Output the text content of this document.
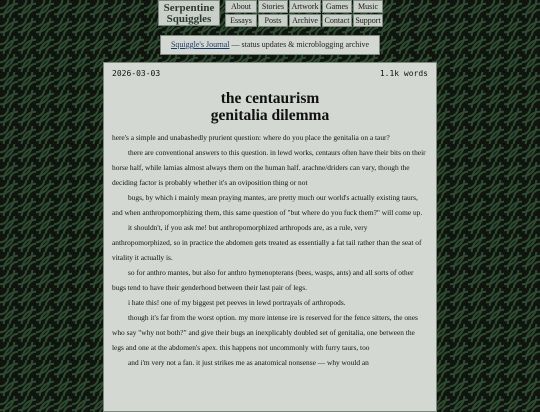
Serpentine
Squiggles
About	Stories Artwork Games	Music
Essays	Posts	Archive Contact Support
Squiggle's Journal — status updates & microblogging archive
2026-03-03	1.1k words
the centaurism
genitalia dilemma

here's a simple and unabashedly prurient question: where do you place the genitalia on a taur?

there are conventional answers to this question. in lewd works, centaurs often have their bits on their horse half, while lamias almost always them on the human half. arachne/driders can vary, though the deciding factor is probably whether it's an oviposition thing or not

bugs, by which i mainly mean praying mantes, are pretty much our world's actually existing taurs, and when anthropomorphizing them, this same question of "but where do you fuck them?" will come up.

it shouldn't, if you ask me! but anthropomorphized arthropods are, as a rule, very anthropomorphized, so in practice the abdomen gets treated as essentially a fat tail rather than the seat of vitality it actually is.

so for anthro mantes, but also for anthro hymenopterans (bees, wasps, ants) and all sorts of other bugs tend to have their genderhood between their last pair of legs.

i hate this! one of my biggest pet peeves in lewd portrayals of arthropods.

though it's far from the worst option. my more intense ire is reserved for the fence sitters, the ones who say "why not both?" and give their bugs an inexplicably doubled set of genitalia, one between the legs and one at the abdomen's apex. this happens not uncommonly with furry taurs, too

and i'm very not a fan. it just strikes me as anatomical nonsense — why would an
